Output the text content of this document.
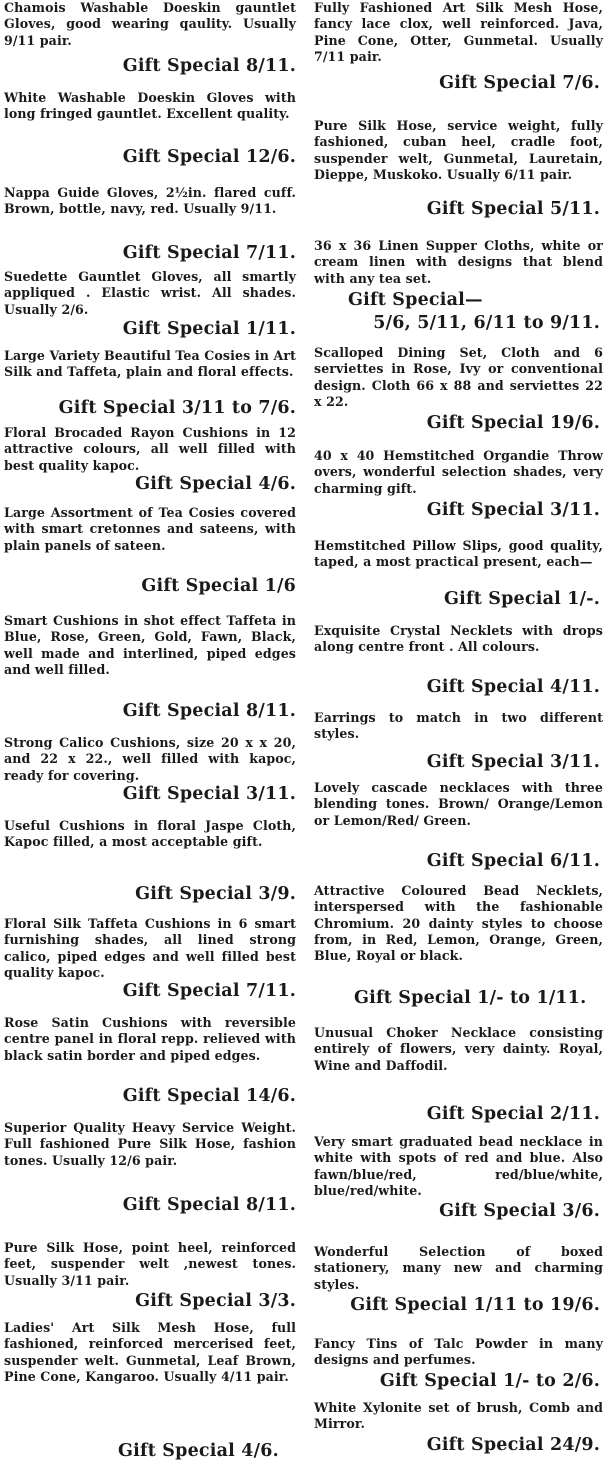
Chamois Washable Doeskin gauntlet Gloves, good wearing qaulity. Usually 9/11 pair.
Gift Special 8/11.
White Washable Doeskin Gloves with long fringed gauntlet. Excellent quality.
Gift Special 12/6.
Nappa Guide Gloves, 2½in. flared cuff. Brown, bottle, navy, red. Usually 9/11.
Gift Special 7/11.
Suedette Gauntlet Gloves, all smartly appliqued . Elastic wrist. All shades. Usually 2/6.
Gift Special 1/11.
Large Variety Beautiful Tea Cosies in Art Silk and Taffeta, plain and floral effects.
Gift Special 3/11 to 7/6.
Floral Brocaded Rayon Cushions in 12 attractive colours, all well filled with best quality kapoc.
Gift Special 4/6.
Large Assortment of Tea Cosies covered with smart cretonnes and sateens, with plain panels of sateen.
Gift Special 1/6
Smart Cushions in shot effect Taffeta in Blue, Rose, Green, Gold, Fawn, Black, well made and interlined, piped edges and well filled.
Gift Special 8/11.
Strong Calico Cushions, size 20 x x 20, and 22 x 22., well filled with kapoc, ready for covering.
Gift Special 3/11.
Useful Cushions in floral Jaspe Cloth, Kapoc filled, a most acceptable gift.
Gift Special 3/9.
Floral Silk Taffeta Cushions in 6 smart furnishing shades, all lined strong calico, piped edges and well filled best quality kapoc.
Gift Special 7/11.
Rose Satin Cushions with reversible centre panel in floral repp. relieved with black satin border and piped edges.
Gift Special 14/6.
Superior Quality Heavy Service Weight. Full fashioned Pure Silk Hose, fashion tones. Usually 12/6 pair.
Gift Special 8/11.
Pure Silk Hose, point heel, reinforced feet, suspender welt ,newest tones. Usually 3/11 pair.
Gift Special 3/3.
Ladies' Art Silk Mesh Hose, full fashioned, reinforced mercerised feet, suspender welt. Gunmetal, Leaf Brown, Pine Cone, Kangaroo. Usually 4/11 pair.
Gift Special 4/6.
Fully Fashioned Art Silk Mesh Hose, fancy lace clox, well reinforced. Java, Pine Cone, Otter, Gunmetal. Usually 7/11 pair.
Gift Special 7/6.
Pure Silk Hose, service weight, fully fashioned, cuban heel, cradle foot, suspender welt, Gunmetal, Lauretain, Dieppe, Muskoko. Usually 6/11 pair.
Gift Special 5/11.
36 x 36 Linen Supper Cloths, white or cream linen with designs that blend with any tea set.
Gift Special—
5/6, 5/11, 6/11 to 9/11.
Scalloped Dining Set, Cloth and 6 serviettes in Rose, Ivy or conventional design. Cloth 66 x 88 and serviettes 22 x 22.
Gift Special 19/6.
40 x 40 Hemstitched Organdie Throw overs, wonderful selection shades, very charming gift.
Gift Special 3/11.
Hemstitched Pillow Slips, good quality, taped, a most practical present, each—
Gift Special 1/-.
Exquisite Crystal Necklets with drops along centre front . All colours.
Gift Special 4/11.
Earrings to match in two different styles.
Gift Special 3/11.
Lovely cascade necklaces with three blending tones. Brown/ Orange/Lemon or Lemon/Red/ Green.
Gift Special 6/11.
Attractive Coloured Bead Necklets, interspersed with the fashionable Chromium. 20 dainty styles to choose from, in Red, Lemon, Orange, Green, Blue, Royal or black.
Gift Special 1/- to 1/11.
Unusual Choker Necklace consisting entirely of flowers, very dainty. Royal, Wine and Daffodil.
Gift Special 2/11.
Very smart graduated bead necklace in white with spots of red and blue. Also fawn/blue/red, red/blue/white, blue/red/white.
Gift Special 3/6.
Wonderful Selection of boxed stationery, many new and charming styles.
Gift Special 1/11 to 19/6.
Fancy Tins of Talc Powder in many designs and perfumes.
Gift Special 1/- to 2/6.
White Xylonite set of brush, Comb and Mirror.
Gift Special 24/9.
